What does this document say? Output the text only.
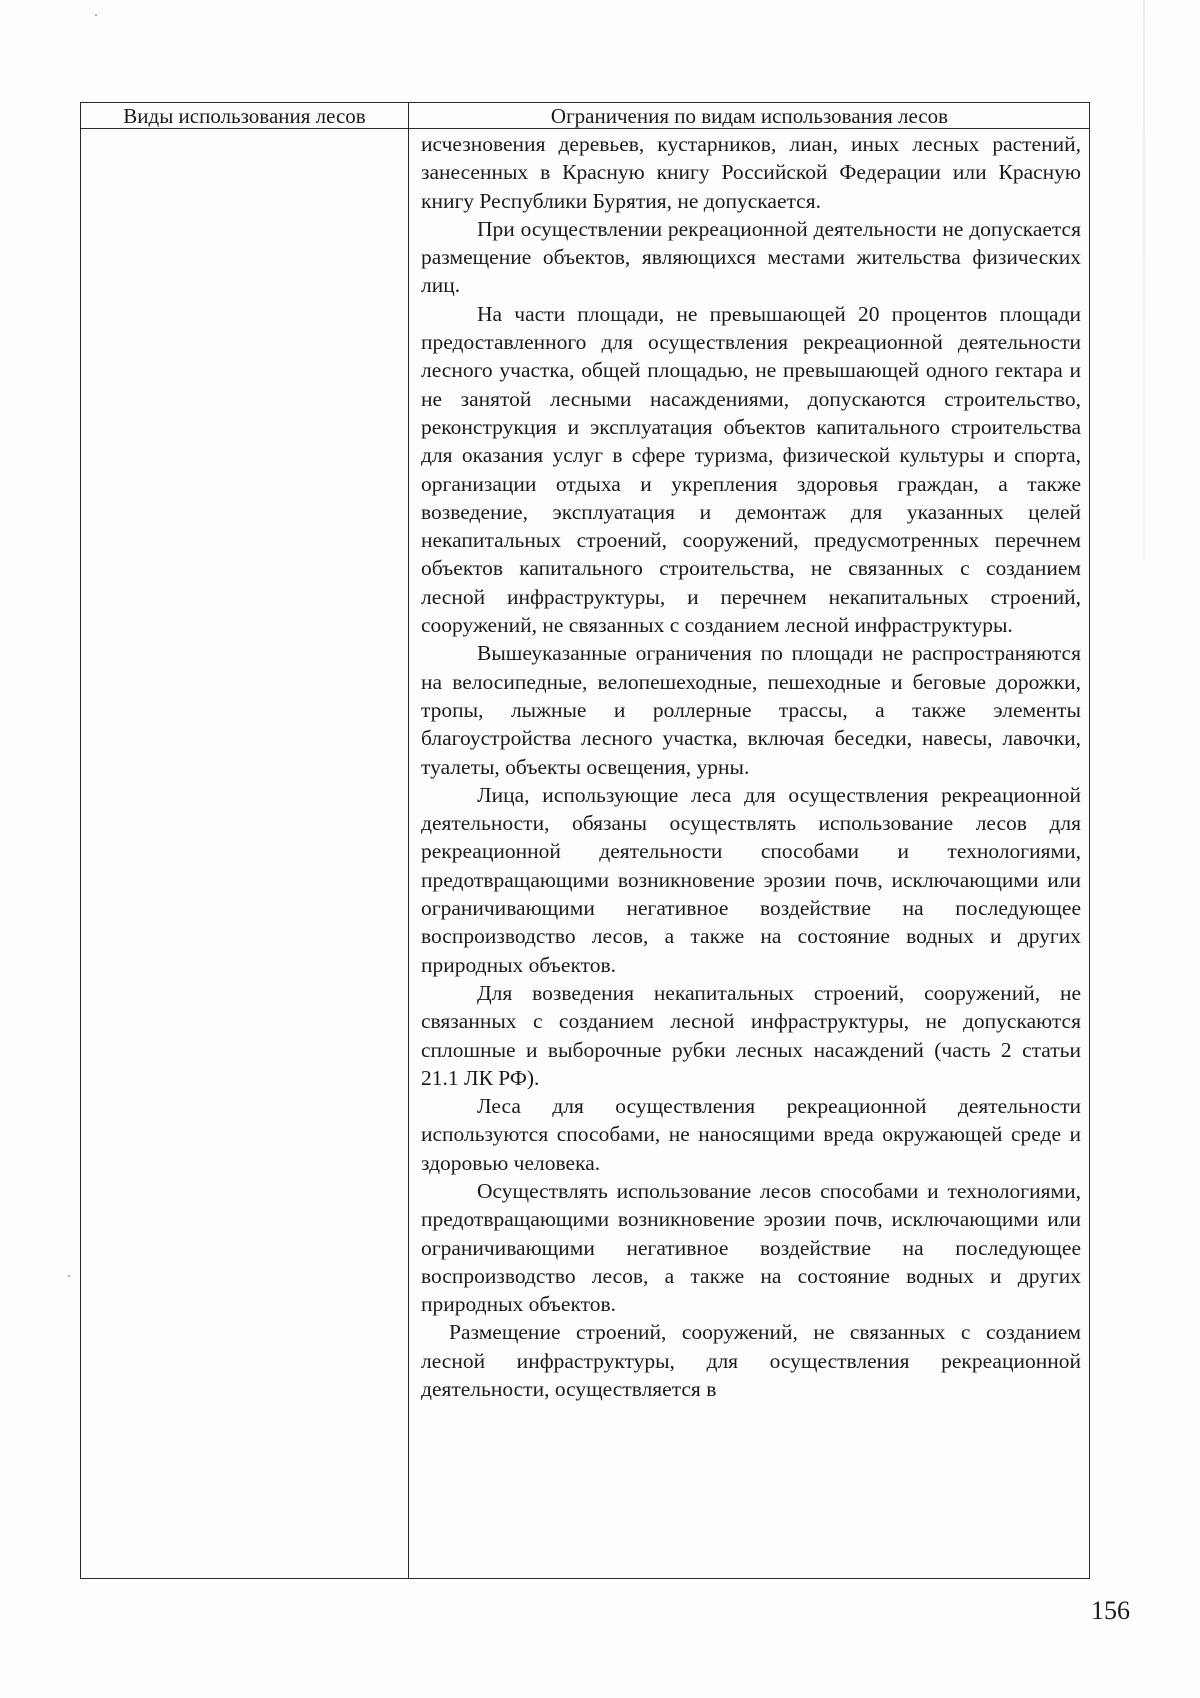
Виды использования лесов	Ограничения по видам использования лесов

исчезновения деревьев, кустарников, лиан, иных лесных растений, занесенных в Красную книгу Российской Федерации или Красную книгу Республики Бурятия, не допускается.

При осуществлении рекреационной деятельности не допускается размещение объектов, являющихся местами жительства физических лиц.

На части площади, не превышающей 20 процентов площади предоставленного для осуществления рекреационной деятельности лесного участка, общей площадью, не превышающей одного гектара и не занятой лесными насаждениями, допускаются строительство, реконструкция и эксплуатация объектов капитального строительства для оказания услуг в сфере туризма, физической культуры и спорта, организации отдыха и укрепления здоровья граждан, а также возведение, эксплуатация и демонтаж для указанных целей некапитальных строений, сооружений, предусмотренных перечнем объектов капитального строительства, не связанных с созданием лесной инфраструктуры, и перечнем некапитальных строений, сооружений, не связанных с созданием лесной инфраструктуры.

Вышеуказанные ограничения по площади не распространяются на велосипедные, велопешеходные, пешеходные и беговые дорожки, тропы, лыжные и роллерные трассы, а также элементы благоустройства лесного участка, включая беседки, навесы, лавочки, туалеты, объекты освещения, урны.

Лица, использующие леса для осуществления рекреационной деятельности, обязаны осуществлять использование лесов для рекреационной деятельности способами и технологиями, предотвращающими возникновение эрозии почв, исключающими или ограничивающими негативное воздействие на последующее воспроизводство лесов, а также на состояние водных и других природных объектов.

Для возведения некапитальных строений, сооружений, не связанных с созданием лесной инфраструктуры, не допускаются сплошные и выборочные рубки лесных насаждений (часть 2 статьи 21.1 ЛК РФ).

Леса для осуществления рекреационной деятельности используются способами, не наносящими вреда окружающей среде и здоровью человека.

Осуществлять использование лесов способами и технологиями, предотвращающими возникновение эрозии почв, исключающими или ограничивающими негативное воздействие на последующее воспроизводство лесов, а также на состояние водных и других природных объектов.

Размещение строений, сооружений, не связанных с созданием лесной инфраструктуры, для осуществления рекреационной деятельности, осуществляется в

156
